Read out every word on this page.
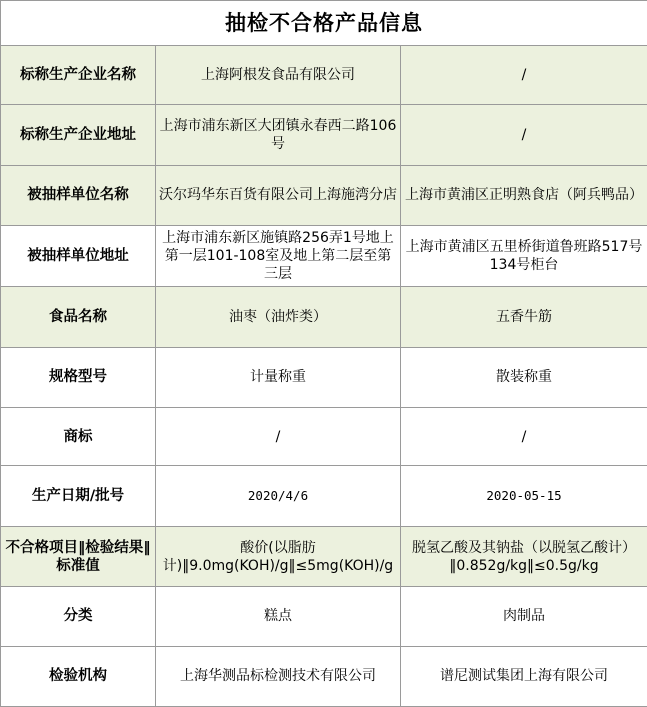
抽检不合格产品信息		
标称生产企业名称	上海阿根发食品有限公司	/
标称生产企业地址	上海市浦东新区大团镇永春西二路106号	/
被抽样单位名称	沃尔玛华东百货有限公司上海施湾分店	上海市黄浦区正明熟食店（阿兵鸭品）
被抽样单位地址	上海市浦东新区施镇路256弄1号地上第一层101-108室及地上第二层至第三层	上海市黄浦区五里桥街道鲁班路517号134号柜台
食品名称	油枣（油炸类）	五香牛筋
规格型号	计量称重	散装称重
商标	/	/
生产日期/批号	2020/4/6	2020-05-15
不合格项目‖检验结果‖标准值	酸价(以脂肪计)‖9.0mg(KOH)/g‖≤5mg(KOH)/g	脱氢乙酸及其钠盐（以脱氢乙酸计）‖0.852g/kg‖≤0.5g/kg
分类	糕点	肉制品
检验机构	上海华测品标检测技术有限公司	谱尼测试集团上海有限公司
